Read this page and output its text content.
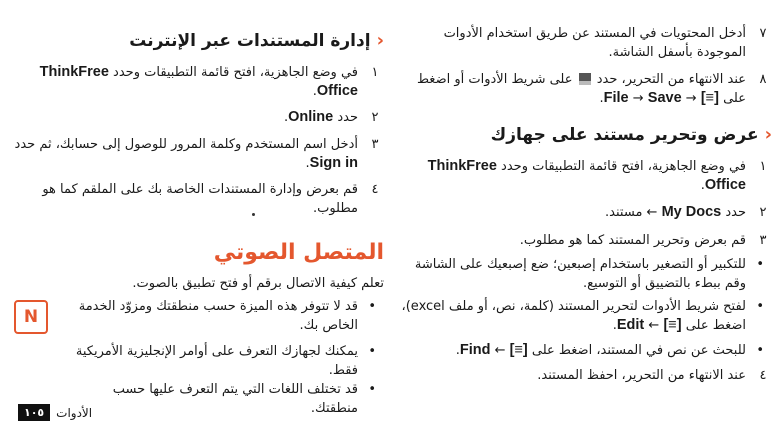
‹
إدارة المستندات عبر الإنترنت
١
في وضع الجاهزية، افتح قائمة التطبيقات وحدد ThinkFree Office.
٢
حدد Online.
٣
أدخل اسم المستخدم وكلمة المرور للوصول إلى حسابك، ثم حدد Sign in.
٤
قم بعرض وإدارة المستندات الخاصة بك على الملقم كما هو مطلوب.
المتصل الصوتي
تعلم كيفية الاتصال برقم أو فتح تطبيق بالصوت.
N
•
قد لا تتوفر هذه الميزة حسب منطقتك ومزوّد الخدمة الخاص بك.
•
يمكنك لجهازك التعرف على أوامر الإنجليزية الأمريكية فقط.
•
قد تختلف اللغات التي يتم التعرف عليها حسب منطقتك.
٧
أدخل المحتويات في المستند عن طريق استخدام الأدوات الموجودة بأسفل الشاشة.
٨
عند الانتهاء من التحرير، حدد  على شريط الأدوات أو اضغط على [≡] → File → Save.
‹
عرض وتحرير مستند على جهازك
١
في وضع الجاهزية، افتح قائمة التطبيقات وحدد ThinkFree Office.
٢
حدد My Docs ← مستند.
٣
قم بعرض وتحرير المستند كما هو مطلوب.
•
للتكبير أو التصغير باستخدام إصبعين؛ ضع إصبعيك على الشاشة وقم ببطء بالتضييق أو التوسيع.
•
لفتح شريط الأدوات لتحرير المستند (كلمة، نص، أو ملف excel)، اضغط على [≡] ← Edit.
•
للبحث عن نص في المستند، اضغط على [≡] ← Find.
٤
عند الانتهاء من التحرير، احفظ المستند.
الأدوات
١٠٥
